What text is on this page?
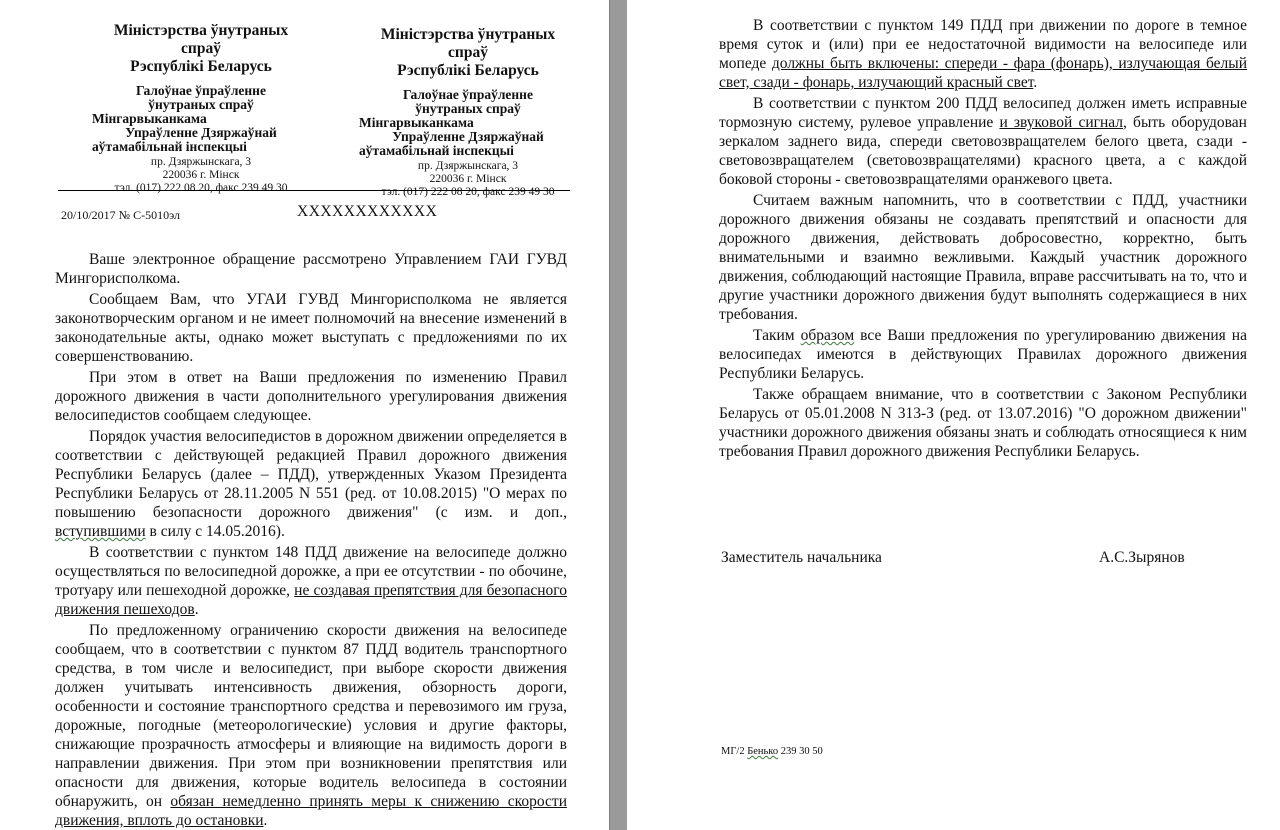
Міністэрства ўнутраных
спраў
Рэспублікі Беларусь
Галоўнае ўпраўленне
ўнутраных спраў
Мінгарвыканкама
Упраўленне Дзяржаўнай
аўтамабільнай інспекцыі
пр. Дзяржынскага, 3
220036 г. Мінск
тэл. (017) 222 08 20, факс 239 49 30
Міністэрства ўнутраных
спраў
Рэспублікі Беларусь
Галоўнае ўпраўленне
ўнутраных спраў
Мінгарвыканкама
Упраўленне Дзяржаўнай
аўтамабільнай інспекцыі
пр. Дзяржынскага, 3
220036 г. Мінск
тэл. (017) 222 08 20, факс 239 49 30
20/10/2017 № С-5010эл	ХХХХХХХХХХХХ

Ваше электронное обращение рассмотрено Управлением ГАИ ГУВД Мингорисполкома.

Сообщаем Вам, что УГАИ ГУВД Мингорисполкома не является законотворческим органом и не имеет полномочий на внесение изменений в законодательные акты, однако может выступать с предложениями по их совершенствованию.

При этом в ответ на Ваши предложения по изменению Правил дорожного движения в части дополнительного урегулирования движения велосипедистов сообщаем следующее.

Порядок участия велосипедистов в дорожном движении определяется в соответствии с действующей редакцией Правил дорожного движения Республики Беларусь (далее – ПДД), утвержденных Указом Президента Республики Беларусь от 28.11.2005 N 551 (ред. от 10.08.2015) "О мерах по повышению безопасности дорожного движения" (с изм. и доп., вступившими в силу с 14.05.2016).

В соответствии с пунктом 148 ПДД движение на велосипеде должно осуществляться по велосипедной дорожке, а при ее отсутствии - по обочине, тротуару или пешеходной дорожке, не создавая препятствия для безопасного движения пешеходов.

По предложенному ограничению скорости движения на велосипеде сообщаем, что в соответствии с пунктом 87 ПДД водитель транспортного средства, в том числе и велосипедист, при выборе скорости движения должен учитывать интенсивность движения, обзорность дороги, особенности и состояние транспортного средства и перевозимого им груза, дорожные, погодные (метеорологические) условия и другие факторы, снижающие прозрачность атмосферы и влияющие на видимость дороги в направлении движения. При этом при возникновении препятствия или опасности для движения, которые водитель велосипеда в состоянии обнаружить, он обязан немедленно принять меры к снижению скорости движения, вплоть до остановки.

В соответствии с пунктом 149 ПДД при движении по дороге в темное время суток и (или) при ее недостаточной видимости на велосипеде или мопеде должны быть включены: спереди - фара (фонарь), излучающая белый свет, сзади - фонарь, излучающий красный свет.

В соответствии с пунктом 200 ПДД велосипед должен иметь исправные тормозную систему, рулевое управление и звуковой сигнал, быть оборудован зеркалом заднего вида, спереди световозвращателем белого цвета, сзади - световозвращателем (световозвращателями) красного цвета, а с каждой боковой стороны - световозвращателями оранжевого цвета.

Считаем важным напомнить, что в соответствии с ПДД, участники дорожного движения обязаны не создавать препятствий и опасности для дорожного движения, действовать добросовестно, корректно, быть внимательными и взаимно вежливыми. Каждый участник дорожного движения, соблюдающий настоящие Правила, вправе рассчитывать на то, что и другие участники дорожного движения будут выполнять содержащиеся в них требования.

Таким образом все Ваши предложения по урегулированию движения на велосипедах имеются в действующих Правилах дорожного движения Республики Беларусь.

Также обращаем внимание, что в соответствии с Законом Республики Беларусь от 05.01.2008 N 313-З (ред. от 13.07.2016) "О дорожном движении" участники дорожного движения обязаны знать и соблюдать относящиеся к ним требования Правил дорожного движения Республики Беларусь.

Заместитель начальника	А.С.Зырянов
МГ/2 Бенько 239 30 50
